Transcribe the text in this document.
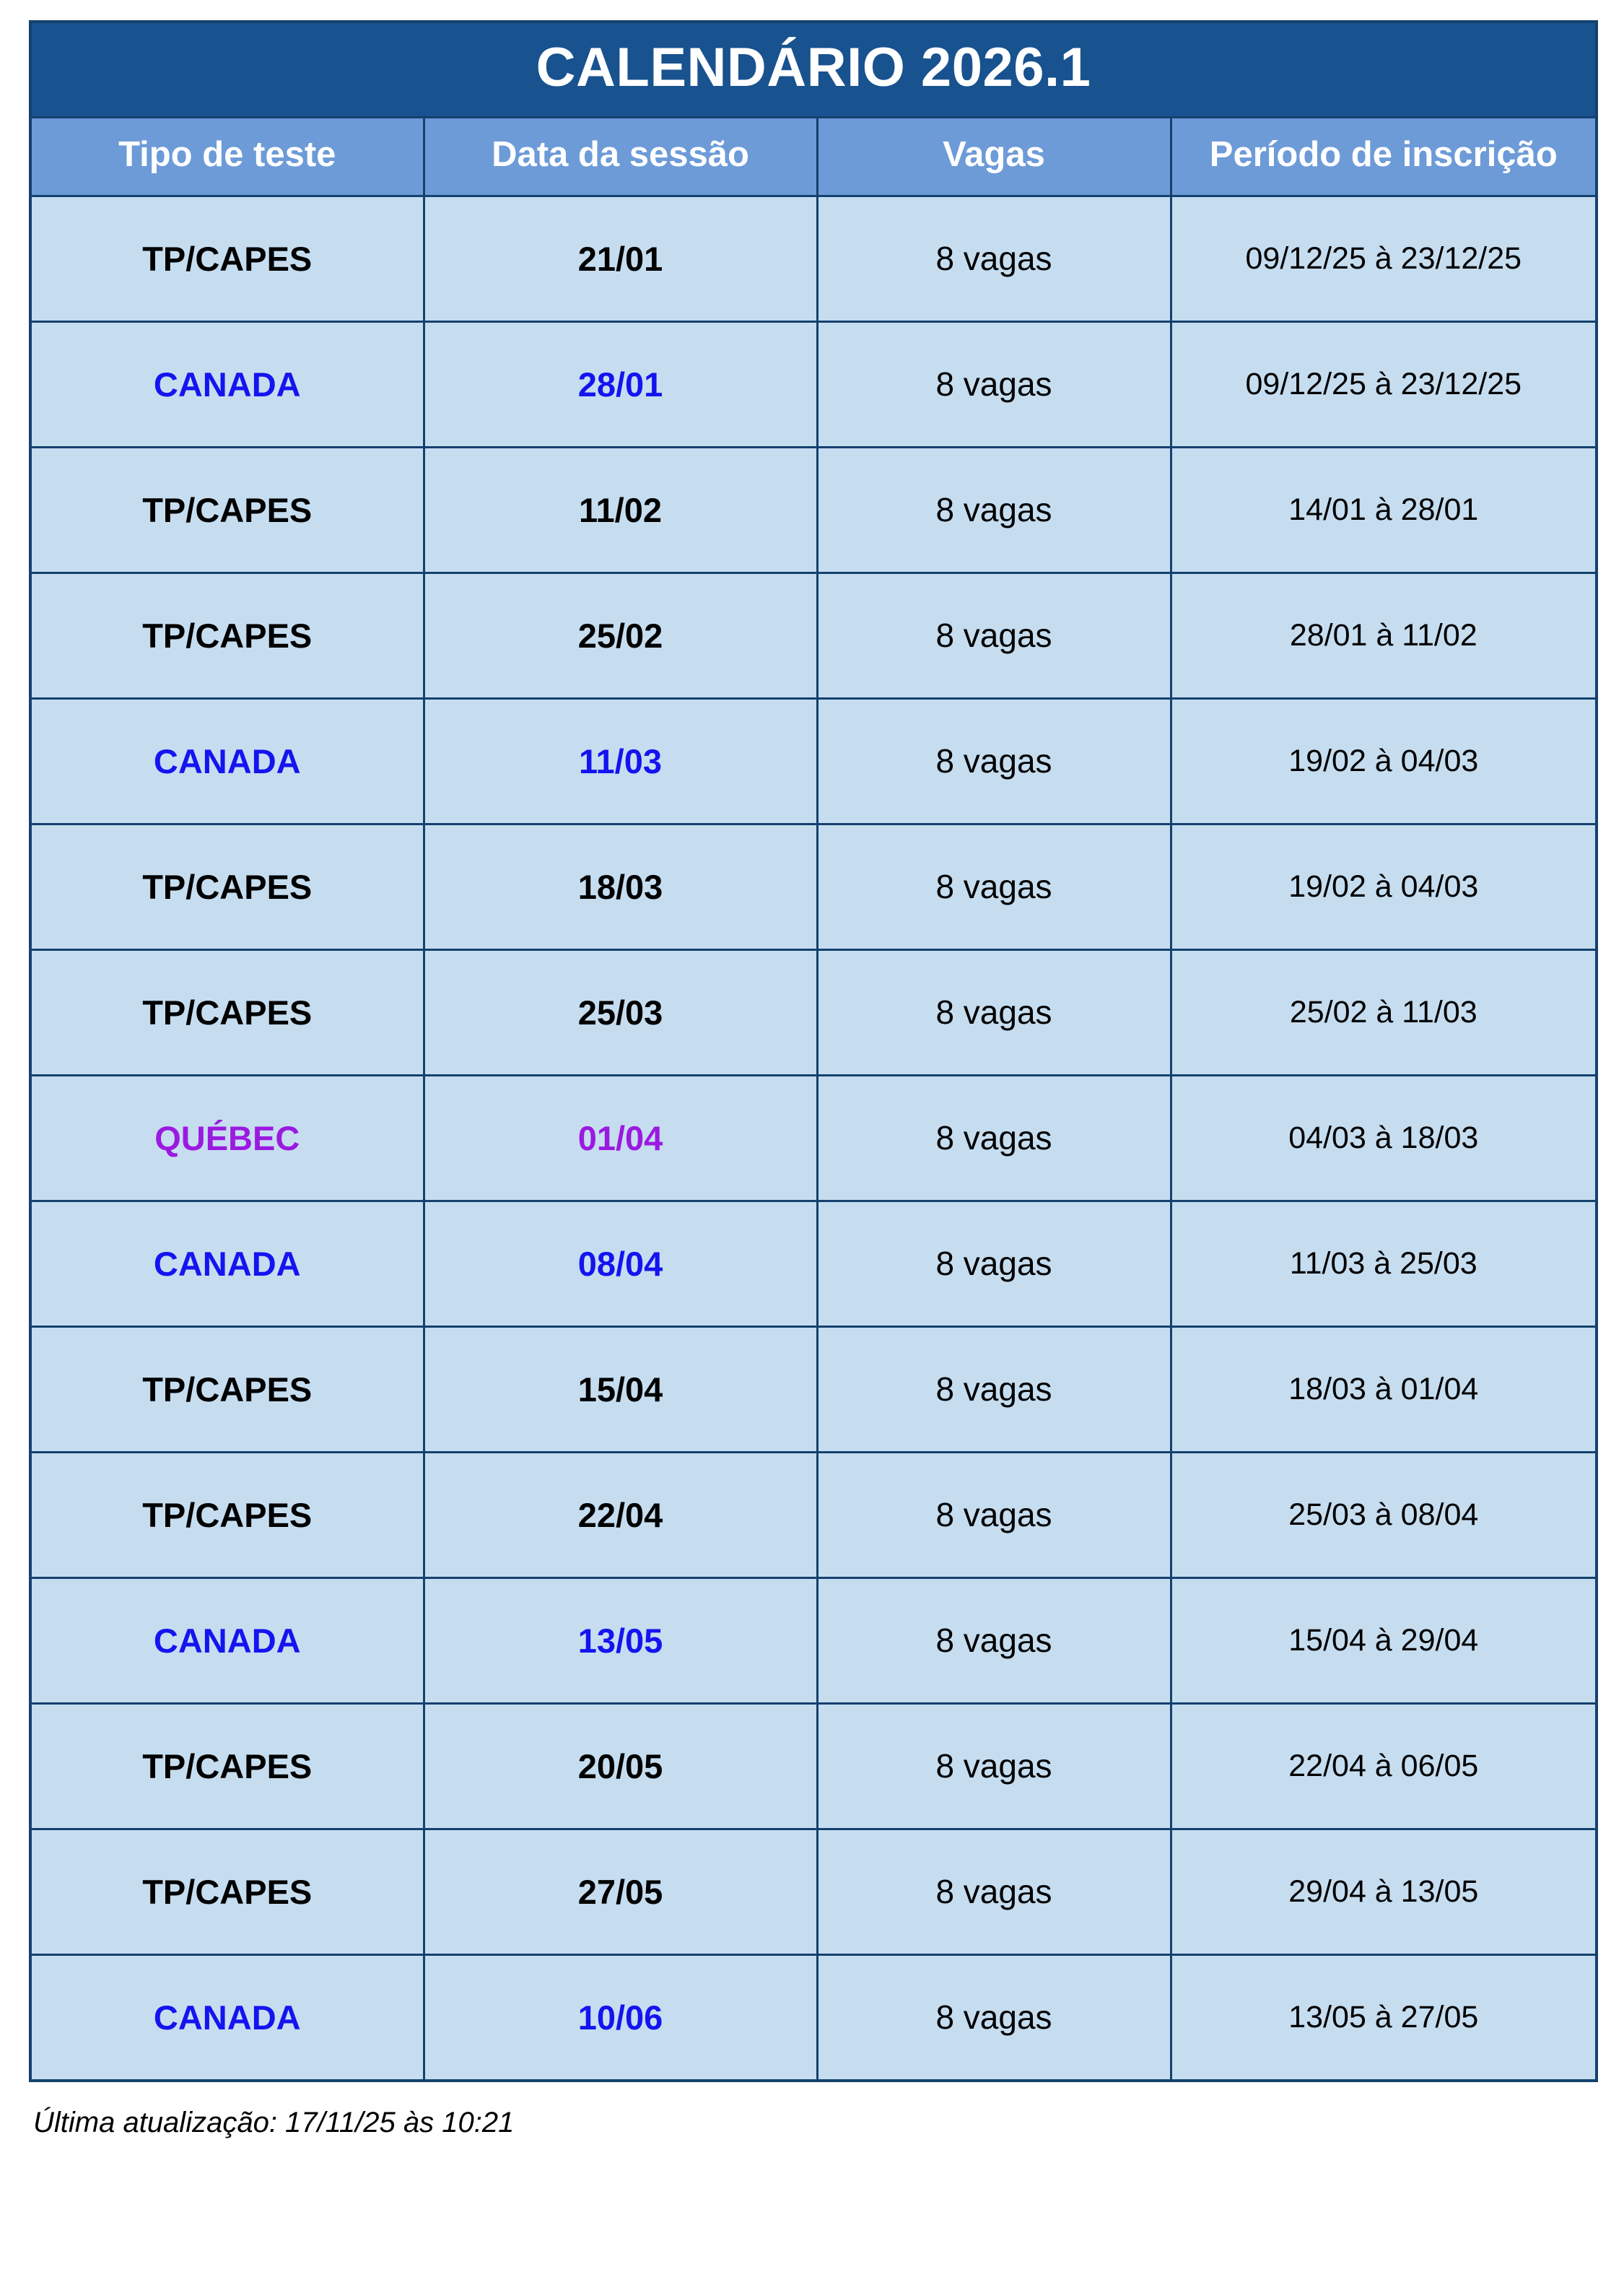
CALENDÁRIO 2026.1			
Tipo de teste	Data da sessão	Vagas	Período de inscrição
TP/CAPES	21/01	8 vagas	09/12/25 à 23/12/25
CANADA	28/01	8 vagas	09/12/25 à 23/12/25
TP/CAPES	11/02	8 vagas	14/01 à 28/01
TP/CAPES	25/02	8 vagas	28/01 à 11/02
CANADA	11/03	8 vagas	19/02 à 04/03
TP/CAPES	18/03	8 vagas	19/02 à 04/03
TP/CAPES	25/03	8 vagas	25/02 à 11/03
QUÉBEC	01/04	8 vagas	04/03 à 18/03
CANADA	08/04	8 vagas	11/03 à 25/03
TP/CAPES	15/04	8 vagas	18/03 à 01/04
TP/CAPES	22/04	8 vagas	25/03 à 08/04
CANADA	13/05	8 vagas	15/04 à 29/04
TP/CAPES	20/05	8 vagas	22/04 à 06/05
TP/CAPES	27/05	8 vagas	29/04 à 13/05
CANADA	10/06	8 vagas	13/05 à 27/05
Última atualização: 17/11/25 às 10:21
